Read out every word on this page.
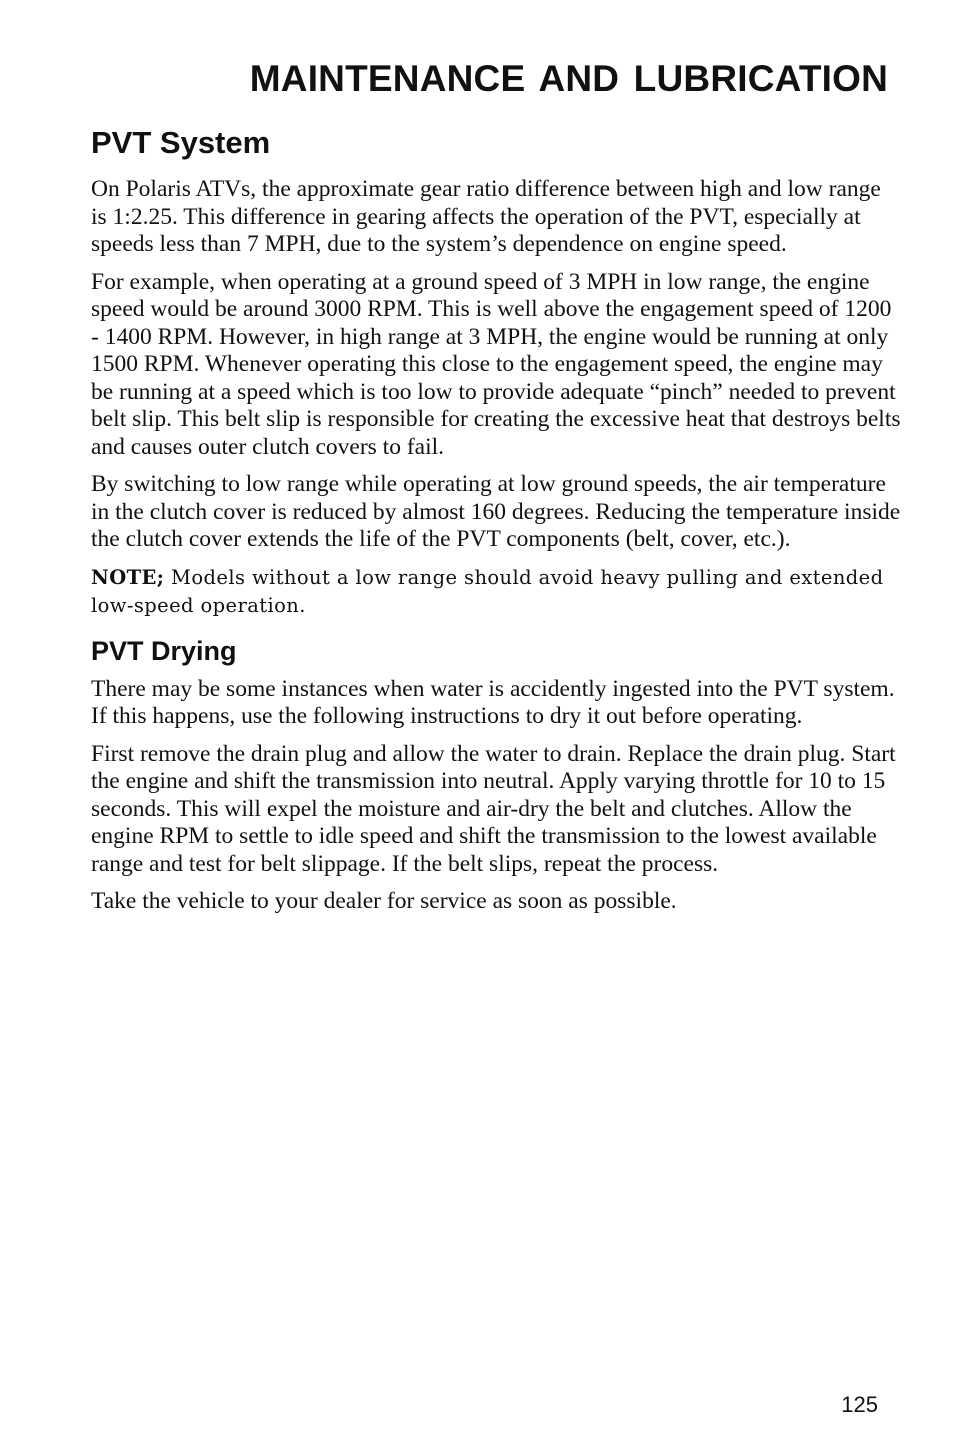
MAINTENANCE AND LUBRICATION
PVT System

On Polaris ATVs, the approximate gear ratio difference between high and low range is 1:2.25. This difference in gearing affects the operation of the PVT, especially at speeds less than 7 MPH, due to the system’s dependence on engine speed.

For example, when operating at a ground speed of 3 MPH in low range, the engine speed would be around 3000 RPM. This is well above the engagement speed of 1200 - 1400 RPM. However, in high range at 3 MPH, the engine would be running at only 1500 RPM. Whenever operating this close to the engagement speed, the engine may be running at a speed which is too low to provide adequate “pinch” needed to prevent belt slip. This belt slip is responsible for creating the excessive heat that destroys belts and causes outer clutch covers to fail.

By switching to low range while operating at low ground speeds, the air temperature in the clutch cover is reduced by almost 160 degrees. Reducing the temperature inside the clutch cover extends the life of the PVT components (belt, cover, etc.).

NOTE; Models without a low range should avoid heavy pulling and extended low-speed operation.

PVT Drying

There may be some instances when water is accidently ingested into the PVT system. If this happens, use the following instructions to dry it out before operating.

First remove the drain plug and allow the water to drain. Replace the drain plug. Start the engine and shift the transmission into neutral. Apply varying throttle for 10 to 15 seconds. This will expel the moisture and air-dry the belt and clutches. Allow the engine RPM to settle to idle speed and shift the transmission to the lowest available range and test for belt slippage. If the belt slips, repeat the process.

Take the vehicle to your dealer for service as soon as possible.

125
